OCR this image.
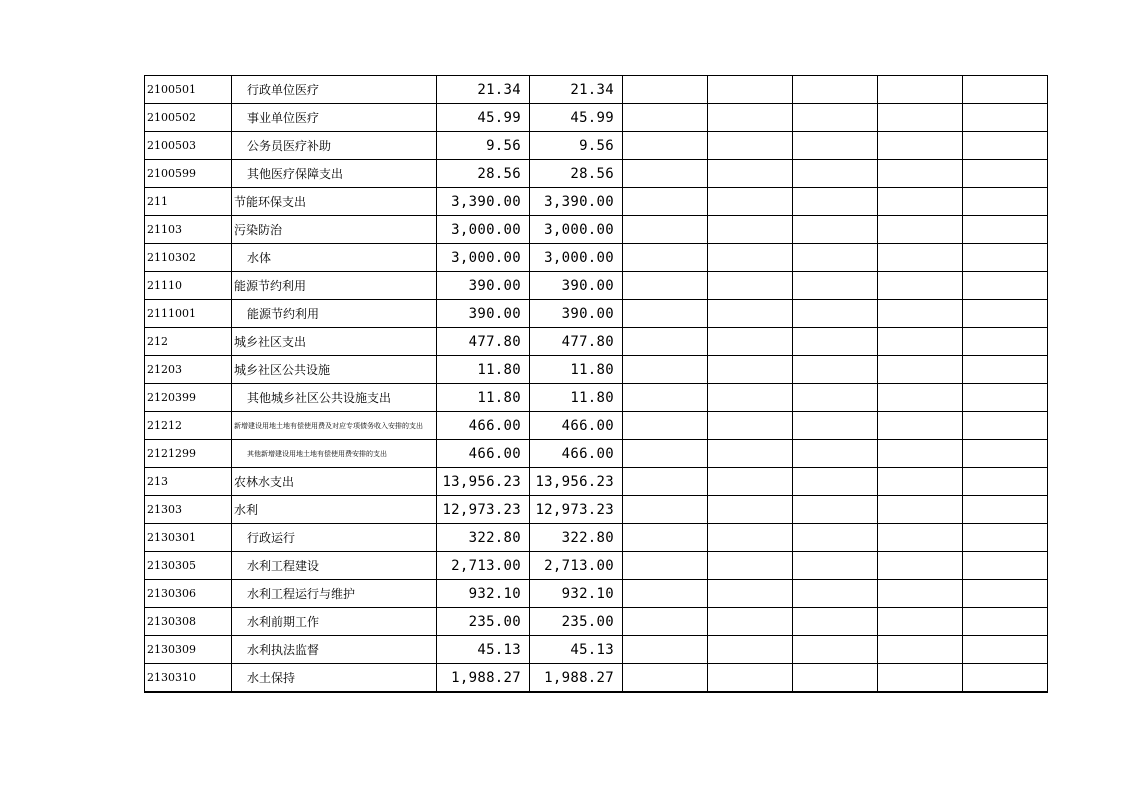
2100501	行政单位医疗	21.34	21.34					
2100502	事业单位医疗	45.99	45.99					
2100503	公务员医疗补助	9.56	9.56					
2100599	其他医疗保障支出	28.56	28.56					
211	节能环保支出	3,390.00	3,390.00					
21103	污染防治	3,000.00	3,000.00					
2110302	水体	3,000.00	3,000.00					
21110	能源节约利用	390.00	390.00					
2111001	能源节约利用	390.00	390.00					
212	城乡社区支出	477.80	477.80					
21203	城乡社区公共设施	11.80	11.80					
2120399	其他城乡社区公共设施支出	11.80	11.80					
21212	新增建设用地土地有偿使用费及对应专项债务收入安排的支出	466.00	466.00					
2121299	其他新增建设用地土地有偿使用费安排的支出	466.00	466.00					
213	农林水支出	13,956.23	13,956.23					
21303	水利	12,973.23	12,973.23					
2130301	行政运行	322.80	322.80					
2130305	水利工程建设	2,713.00	2,713.00					
2130306	水利工程运行与维护	932.10	932.10					
2130308	水利前期工作	235.00	235.00					
2130309	水利执法监督	45.13	45.13					
2130310	水土保持	1,988.27	1,988.27					
